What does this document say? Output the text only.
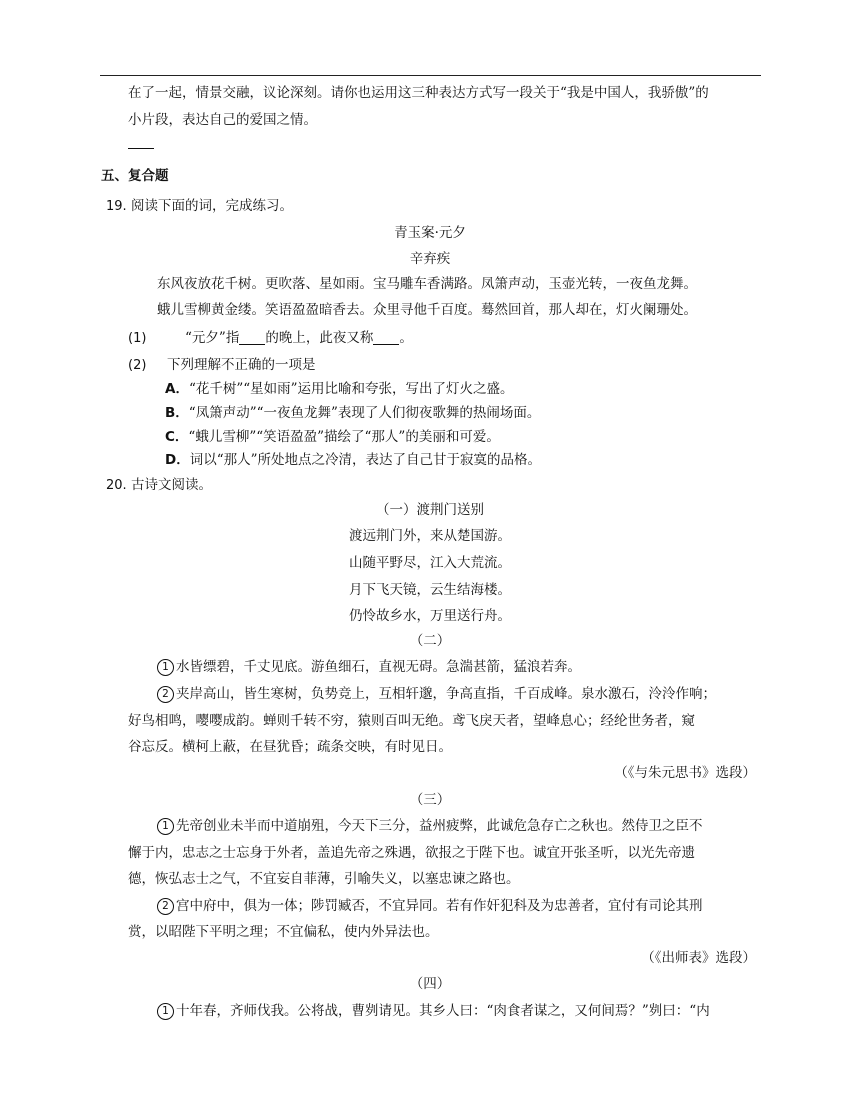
在了一起，情景交融，议论深刻。请你也运用这三种表达方式写一段关于“我是中国人，我骄傲”的
小片段，表达自己的爱国之情。
五、复合题
19. 阅读下面的词，完成练习。
青玉案·元夕
辛弃疾
东风夜放花千树。更吹落、星如雨。宝马雕车香满路。凤箫声动，玉壶光转，一夜鱼龙舞。
蛾儿雪柳黄金缕。笑语盈盈暗香去。众里寻他千百度。蓦然回首，那人却在，灯火阑珊处。
(1)	“元夕”指 的晚上，此夜又称 。
(2) 下列理解不正确的一项是
A．“花千树”“星如雨”运用比喻和夸张，写出了灯火之盛。
B．“凤箫声动”“一夜鱼龙舞”表现了人们彻夜歌舞的热闹场面。
C．“蛾儿雪柳”“笑语盈盈”描绘了“那人”的美丽和可爱。
D．词以“那人”所处地点之冷清，表达了自己甘于寂寞的品格。
20. 古诗文阅读。
（一）渡荆门送别
渡远荆门外，来从楚国游。
山随平野尽，江入大荒流。
月下飞天镜，云生结海楼。
仍怜故乡水，万里送行舟。
（二）
1 水皆缥碧，千丈见底。游鱼细石，直视无碍。急湍甚箭，猛浪若奔。
2 夹岸高山，皆生寒树，负势竞上，互相轩邈，争高直指，千百成峰。泉水激石，泠泠作响；
好鸟相鸣，嘤嘤成韵。蝉则千转不穷，猿则百叫无绝。鸢飞戾天者，望峰息心；经纶世务者，窥
谷忘反。横柯上蔽，在昼犹昏；疏条交映，有时见日。
（《与朱元思书》选段）
（三）
1 先帝创业未半而中道崩殂，今天下三分，益州疲弊，此诚危急存亡之秋也。然侍卫之臣不
懈于内，忠志之士忘身于外者，盖追先帝之殊遇，欲报之于陛下也。诚宜开张圣听，以光先帝遗
德，恢弘志士之气，不宜妄自菲薄，引喻失义，以塞忠谏之路也。
2 宫中府中，俱为一体；陟罚臧否，不宜异同。若有作奸犯科及为忠善者，宜付有司论其刑
赏，以昭陛下平明之理；不宜偏私，使内外异法也。
（《出师表》选段）
（四）
1 十年春，齐师伐我。公将战，曹刿请见。其乡人曰：“肉食者谋之，又何间焉？”刿曰：“内
